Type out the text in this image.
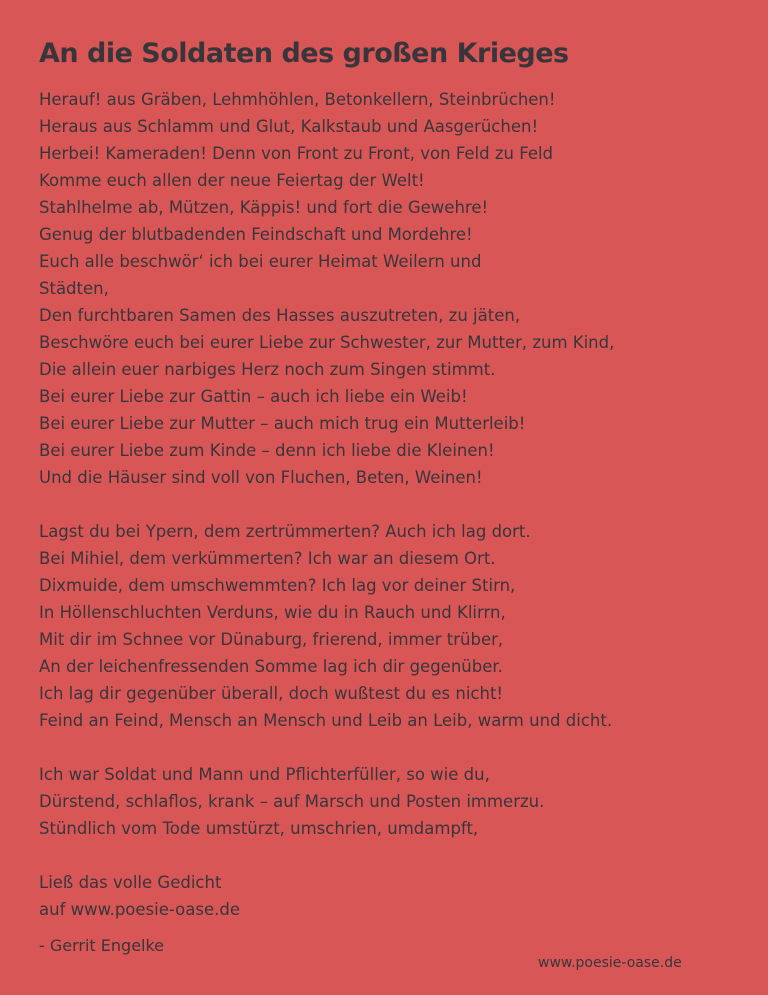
An die Soldaten des großen Krieges
Herauf! aus Gräben, Lehmhöhlen, Betonkellern, Steinbrüchen!
Heraus aus Schlamm und Glut, Kalkstaub und Aasgerüchen!
Herbei! Kameraden! Denn von Front zu Front, von Feld zu Feld
Komme euch allen der neue Feiertag der Welt!
Stahlhelme ab, Mützen, Käppis! und fort die Gewehre!
Genug der blutbadenden Feindschaft und Mordehre!
Euch alle beschwör‘ ich bei eurer Heimat Weilern und
Städten,
Den furchtbaren Samen des Hasses auszutreten, zu jäten,
Beschwöre euch bei eurer Liebe zur Schwester, zur Mutter, zum Kind,
Die allein euer narbiges Herz noch zum Singen stimmt.
Bei eurer Liebe zur Gattin – auch ich liebe ein Weib!
Bei eurer Liebe zur Mutter – auch mich trug ein Mutterleib!
Bei eurer Liebe zum Kinde – denn ich liebe die Kleinen!
Und die Häuser sind voll von Fluchen, Beten, Weinen!
Lagst du bei Ypern, dem zertrümmerten? Auch ich lag dort.
Bei Mihiel, dem verkümmerten? Ich war an diesem Ort.
Dixmuide, dem umschwemmten? Ich lag vor deiner Stirn,
In Höllenschluchten Verduns, wie du in Rauch und Klirrn,
Mit dir im Schnee vor Dünaburg, frierend, immer trüber,
An der leichenfressenden Somme lag ich dir gegenüber.
Ich lag dir gegenüber überall, doch wußtest du es nicht!
Feind an Feind, Mensch an Mensch und Leib an Leib, warm und dicht.
Ich war Soldat und Mann und Pflichterfüller, so wie du,
Dürstend, schlaflos, krank – auf Marsch und Posten immerzu.
Stündlich vom Tode umstürzt, umschrien, umdampft,
Ließ das volle Gedicht
auf www.poesie-oase.de
- Gerrit Engelke
www.poesie-oase.de
